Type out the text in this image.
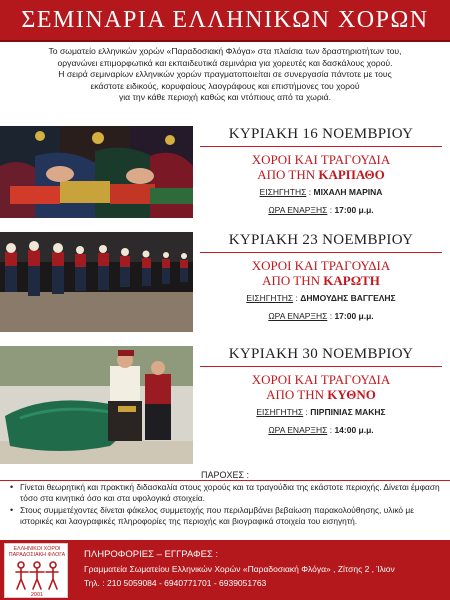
ΣΕΜΙΝΑΡΙΑ ΕΛΛΗΝΙΚΩΝ ΧΟΡΩΝ
Το σωματείο ελληνικών χορών «Παραδοσιακή Φλόγα» στα πλαίσια των δραστηριοτήτων του,
οργανώνει επιμορφωτικά και εκπαιδευτικά σεμινάρια για χορευτές και δασκάλους χορού.
Η σειρά σεμιναρίων ελληνικών χορών πραγματοποιείται σε συνεργασία πάντοτε με τους
εκάστοτε ειδικούς, κορυφαίους λαογράφους και επιστήμονες του χορού
για την κάθε περιοχή καθώς και ντόπιους από τα χωριά.
ΚΥΡΙΑΚΗ 16 ΝΟΕΜΒΡΙΟΥ
ΧΟΡΟΙ ΚΑΙ ΤΡΑΓΟΥΔΙΑ
ΑΠΟ ΤΗΝ ΚΑΡΠΑΘΟ
ΕΙΣΗΓΗΤΗΣ : ΜΙΧΑΛΗ ΜΑΡΙΝΑ
ΩΡΑ ΕΝΑΡΞΗΣ : 17:00 μ.μ.
ΚΥΡΙΑΚΗ 23 ΝΟΕΜΒΡΙΟΥ
ΧΟΡΟΙ ΚΑΙ ΤΡΑΓΟΥΔΙΑ
ΑΠΟ ΤΗΝ ΚΑΡΩΤΗ
ΕΙΣΗΓΗΤΗΣ : ΔΗΜΟΥΔΗΣ ΒΑΓΓΕΛΗΣ
ΩΡΑ ΕΝΑΡΞΗΣ : 17:00 μ.μ.
ΚΥΡΙΑΚΗ 30 ΝΟΕΜΒΡΙΟΥ
ΧΟΡΟΙ ΚΑΙ ΤΡΑΓΟΥΔΙΑ
ΑΠΟ ΤΗΝ ΚΥΘΝΟ
ΕΙΣΗΓΗΤΗΣ : ΠΙΡΠΙΝΙΑΣ ΜΑΚΗΣ
ΩΡΑ ΕΝΑΡΞΗΣ : 14:00 μ.μ.
ΠΑΡΟΧΕΣ :
• Γίνεται θεωρητική και πρακτική διδασκαλία στους χορούς και τα τραγούδια της εκάστοτε περιοχής. Δίνεται έμφαση τόσο στα κινητικά όσο και στα υφολογικά στοιχεία.
• Στους συμμετέχοντες δίνεται φάκελος συμμετοχής που περιλαμβάνει βεβαίωση παρακολούθησης, υλικό με ιστορικές και λαογραφικές πληροφορίες της περιοχής και βιογραφικά στοιχεία του εισηγητή.
ΕΛΛΗΝΙΚΟΙ ΧΟΡΟΙ ΠΑΡΑΔΟΣΙΑΚΗ ΦΛΟΓΑ
2001
ΠΛΗΡΟΦΟΡΙΕΣ – ΕΓΓΡΑΦΕΣ :
Γραμματεία Σωματείου Ελληνικών Χορών «Παραδοσιακή Φλόγα» , Ζίτσης 2 , Ίλιον
Τηλ. : 210 5059084 - 6940771701 - 6939051763
